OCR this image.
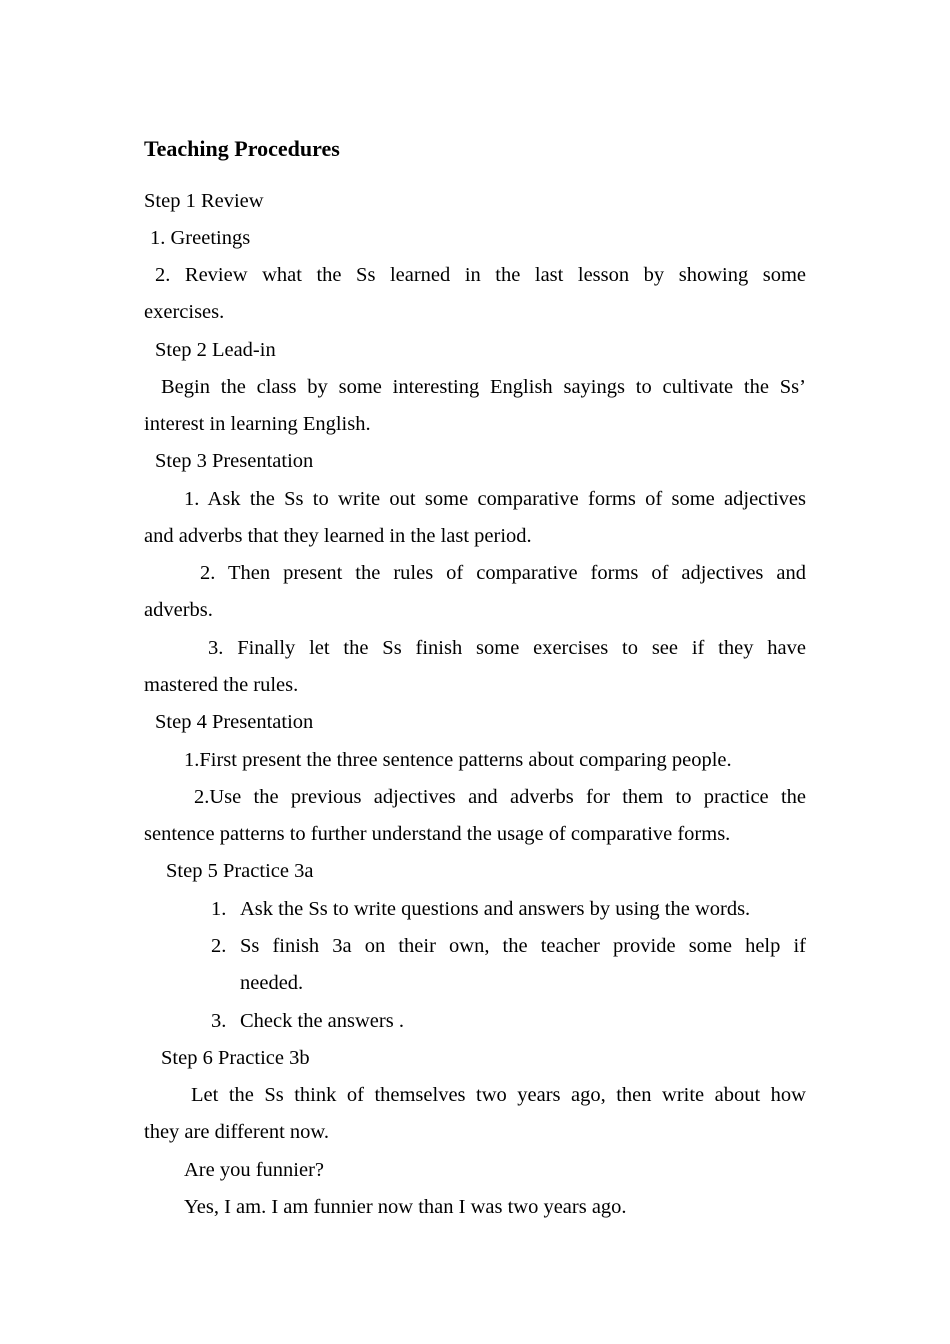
Teaching Procedures
Step 1 Review
1. Greetings
2. Review what the Ss learned in the last lesson by showing some
exercises.
Step 2 Lead-in
Begin the class by some interesting English sayings to cultivate the Ss’
interest in learning English.
Step 3 Presentation
1. Ask the Ss to write out some comparative forms of some adjectives
and adverbs that they learned in the last period.
2. Then present the rules of comparative forms of adjectives and
adverbs.
3. Finally let the Ss finish some exercises to see if they have
mastered the rules.
Step 4 Presentation
1.First present the three sentence patterns about comparing people.
2.Use the previous adjectives and adverbs for them to practice the
sentence patterns to further understand the usage of comparative forms.
Step 5 Practice 3a
1. Ask the Ss to write questions and answers by using the words.
2. Ss finish 3a on their own, the teacher provide some help if
needed.
3. Check the answers .
Step 6 Practice 3b
Let the Ss think of themselves two years ago, then write about how
they are different now.
Are you funnier?
Yes, I am. I am funnier now than I was two years ago.
